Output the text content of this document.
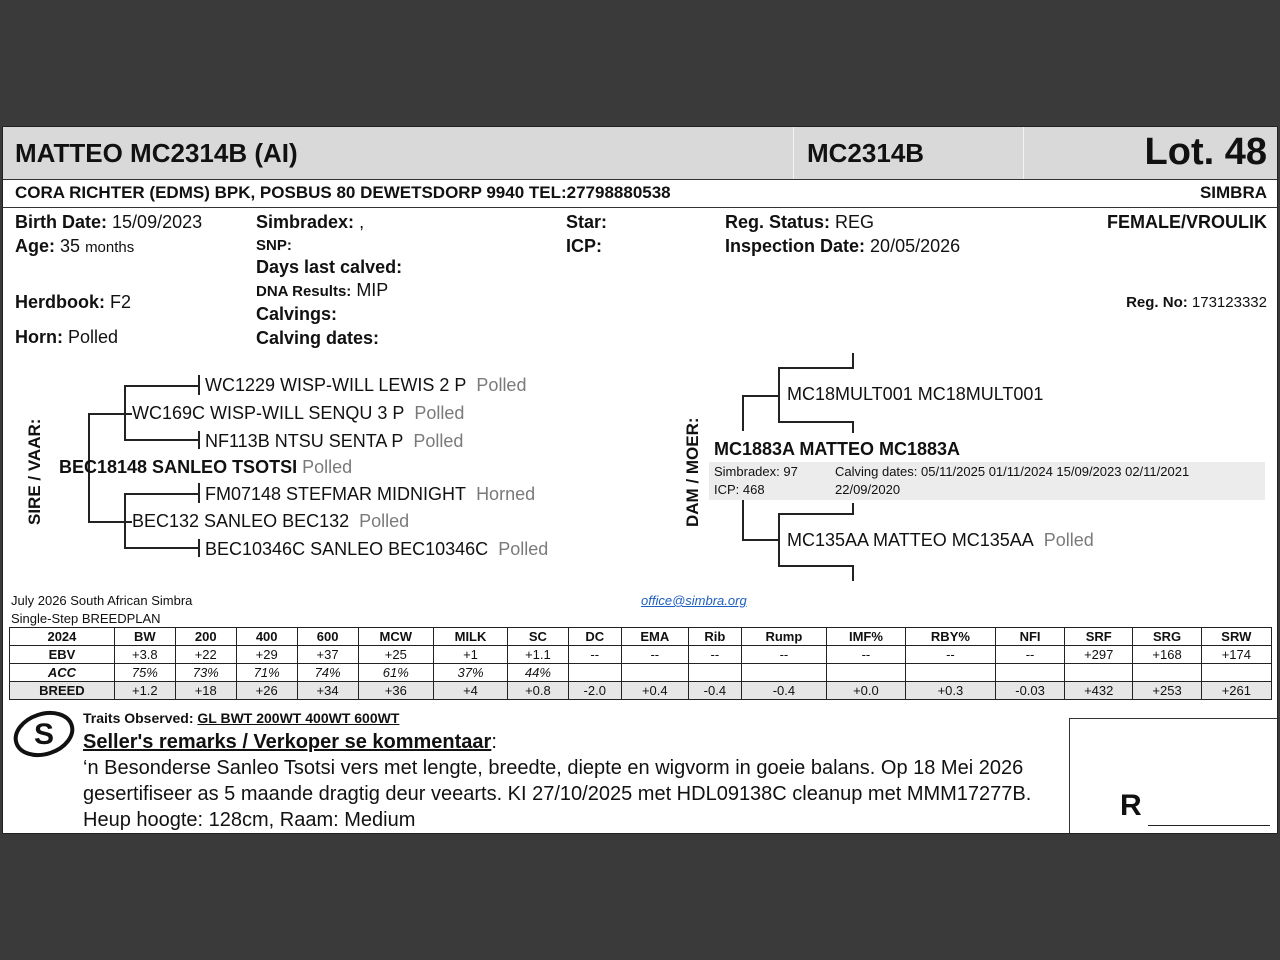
MATTEO MC2314B (AI)	MC2314B	Lot. 48
CORA RICHTER (EDMS) BPK, POSBUS 80 DEWETSDORP 9940 TEL:27798880538	SIMBRA
Birth Date: 15/09/2023
Age: 35 months
Herdbook: F2
Horn: Polled
Simbradex: ,
SNP:
Days last calved:
DNA Results: MIP
Calvings:
Calving dates:
Star:
ICP:
Reg. Status: REG
Inspection Date: 20/05/2026
FEMALE/VROULIK
Reg. No: 173123332
SIRE / VAAR:
WC1229 WISP-WILL LEWIS 2 P Polled
WC169C WISP-WILL SENQU 3 P Polled
NF113B NTSU SENTA P Polled
BEC18148 SANLEO TSOTSI Polled
FM07148 STEFMAR MIDNIGHT Horned
BEC132 SANLEO BEC132 Polled
BEC10346C SANLEO BEC10346C Polled
DAM / MOER:
MC18MULT001 MC18MULT001
MC1883A MATTEO MC1883A
Simbradex: 97
ICP: 468
Calving dates: 05/11/2025 01/11/2024 15/09/2023 02/11/2021
22/09/2020
MC135AA MATTEO MC135AA Polled
July 2026 South African Simbra
Single-Step BREEDPLAN
office@simbra.org
2024	BW	200	400	600	MCW	MILK	SC	DC	EMA	Rib	Rump	IMF%	RBY%	NFI	SRF	SRG	SRW
EBV	+3.8	+22	+29	+37	+25	+1	+1.1	--	--	--	--	--	--	--	+297	+168	+174
ACC	75%	73%	71%	74%	61%	37%	44%										
BREED	+1.2	+18	+26	+34	+36	+4	+0.8	-2.0	+0.4	-0.4	-0.4	+0.0	+0.3	-0.03	+432	+253	+261
S Traits Observed: GL BWT 200WT 400WT 600WT
Seller's remarks / Verkoper se kommentaar:
‘n Besonderse Sanleo Tsotsi vers met lengte, breedte, diepte en wigvorm in goeie balans. Op 18 Mei 2026 gesertifiseer as 5 maande dragtig deur veearts. KI 27/10/2025 met HDL09138C cleanup met MMM17277B. Heup hoogte: 128cm, Raam: Medium	R
